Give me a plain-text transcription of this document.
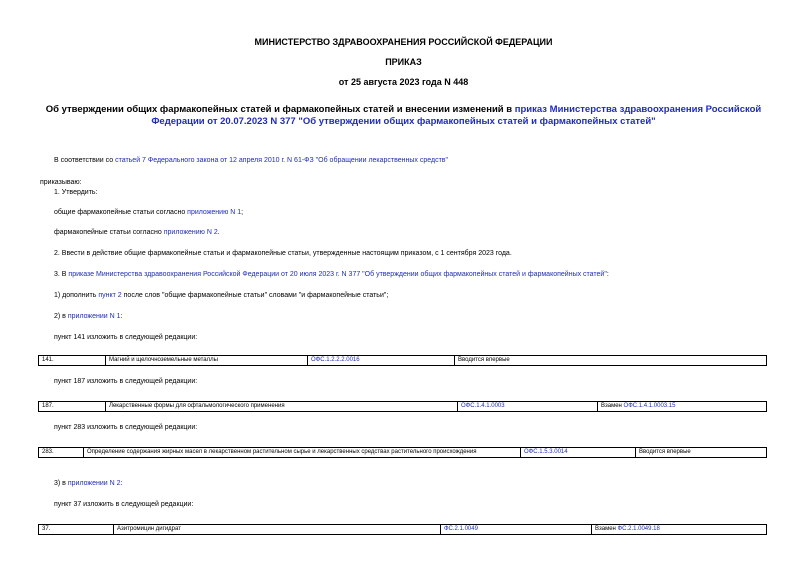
МИНИСТЕРСТВО ЗДРАВООХРАНЕНИЯ РОССИЙСКОЙ ФЕДЕРАЦИИ
ПРИКАЗ
от 25 августа 2023 года N 448
Об утверждении общих фармакопейных статей и фармакопейных статей и внесении изменений в приказ Министерства здравоохранения Российской Федерации от 20.07.2023 N 377 "Об утверждении общих фармакопейных статей и фармакопейных статей"
В соответствии со статьей 7 Федерального закона от 12 апреля 2010 г. N 61-ФЗ "Об обращении лекарственных средств"
приказываю:
1. Утвердить:
общие фармакопейные статьи согласно приложению N 1;
фармакопейные статьи согласно приложению N 2.
2. Ввести в действие общие фармакопейные статьи и фармакопейные статьи, утвержденные настоящим приказом, с 1 сентября 2023 года.
3. В приказе Министерства здравоохранения Российской Федерации от 20 июля 2023 г. N 377 "Об утверждении общих фармакопейных статей и фармакопейных статей":
1) дополнить пункт 2 после слов "общие фармакопейные статьи" словами "и фармакопейные статьи";
2) в приложении N 1:
пункт 141 изложить в следующей редакции:
141.	Магний и щелочноземельные металлы	ОФС.1.2.2.2.0016	Вводится впервые
пункт 187 изложить в следующей редакции:
187.	Лекарственные формы для офтальмологического применения	ОФС.1.4.1.0003	Взамен ОФС.1.4.1.0003.15
пункт 283 изложить в следующей редакции:
283.	Определение содержания жирных масел в лекарственном растительном сырье и лекарственных средствах растительного происхождения	ОФС.1.5.3.0014	Вводится впервые
3) в приложении N 2:
пункт 37 изложить в следующей редакции:
37.	Азитромицин дигидрат	ФС.2.1.0049	Взамен ФС.2.1.0049.18
